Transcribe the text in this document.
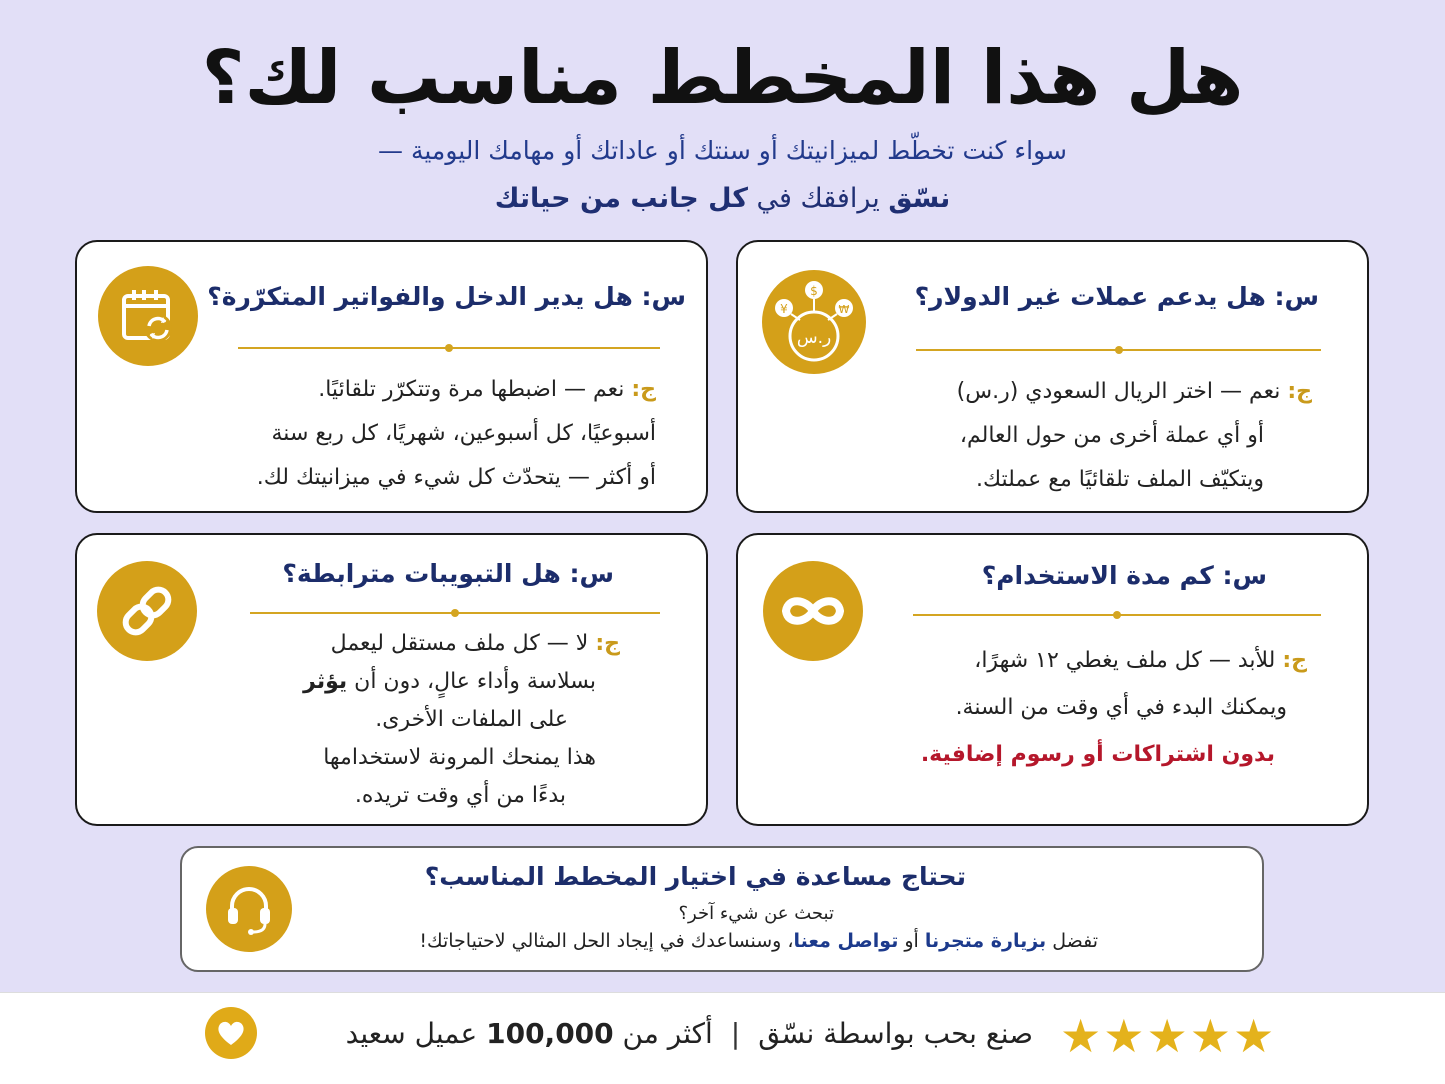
هل هذا المخطط مناسب لك؟
سواء كنت تخطّط لميزانيتك أو سنتك أو عاداتك أو مهامك اليومية —
نسّق يرافقك في كل جانب من حياتك
س: هل يدعم عملات غير الدولار؟

ج: نعم — اختر الريال السعودي (ر.س)

أو أي عملة أخرى من حول العالم،

ويتكيّف الملف تلقائيًا مع عملتك.

ر.س
$
¥	₩
س: هل يدير الدخل والفواتير المتكرّرة؟

ج: نعم — اضبطها مرة وتتكرّر تلقائيًا.

أسبوعيًا، كل أسبوعين، شهريًا، كل ربع سنة

أو أكثر — يتحدّث كل شيء في ميزانيتك لك.

س: كم مدة الاستخدام؟

ج: للأبد — كل ملف يغطي ١٢ شهرًا،

ويمكنك البدء في أي وقت من السنة.

بدون اشتراكات أو رسوم إضافية.

س: هل التبويبات مترابطة؟

ج: لا — كل ملف مستقل ليعمل

بسلاسة وأداء عالٍ، دون أن يؤثر

على الملفات الأخرى.

هذا يمنحك المرونة لاستخدامها

بدءًا من أي وقت تريده.

تحتاج مساعدة في اختيار المخطط المناسب؟
تبحث عن شيء آخر؟
تفضل بزيارة متجرنا أو تواصل معنا، وسنساعدك في إيجاد الحل المثالي لاحتياجاتك!
★★★★★
صنع بحب بواسطة نسّق|أكثر من 100,000 عميل سعيد
